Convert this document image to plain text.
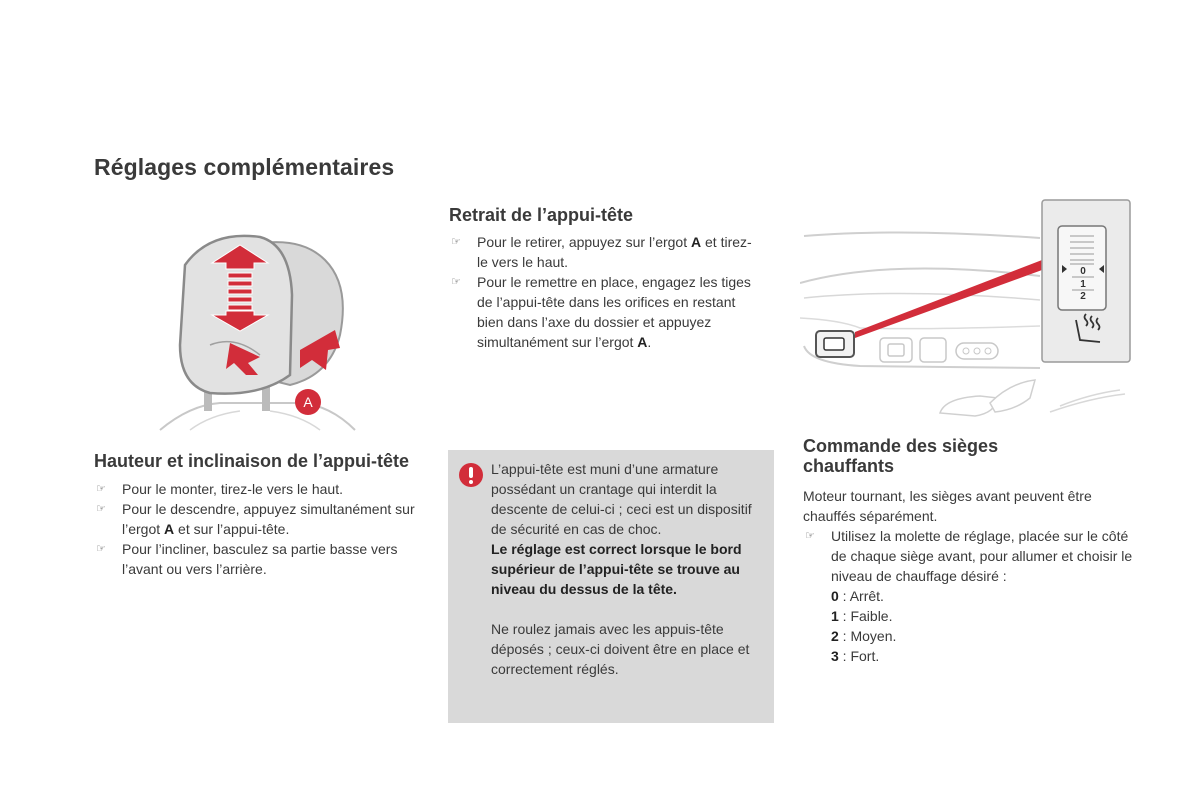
Réglages complémentaires
A
Hauteur et inclinaison de l’appui-tête
☞ Pour le monter, tirez-le vers le haut.
☞ Pour le descendre, appuyez simultanément sur l’ergot A et sur l’appui-tête.
☞ Pour l’incliner, basculez sa partie basse vers l’avant ou vers l’arrière.
Retrait de l’appui-tête
☞ Pour le retirer, appuyez sur l’ergot A et tirez-le vers le haut.
☞ Pour le remettre en place, engagez les tiges de l’appui-tête dans les orifices en restant bien dans l’axe du dossier et appuyez simultanément sur l’ergot A.

L’appui-tête est muni d’une armature possédant un crantage qui interdit la descente de celui-ci ; ceci est un dispositif de sécurité en cas de choc.

Le réglage est correct lorsque le bord supérieur de l’appui-tête se trouve au niveau du dessus de la tête.

Ne roulez jamais avec les appuis-tête déposés ; ceux-ci doivent être en place et correctement réglés.

0
1
2
Commande des sièges chauffants

Moteur tournant, les sièges avant peuvent être chauffés séparément.

☞ Utilisez la molette de réglage, placée sur le côté de chaque siège avant, pour allumer et choisir le niveau de chauffage désiré :
0 : Arrêt.
1 : Faible.
2 : Moyen.
3 : Fort.
